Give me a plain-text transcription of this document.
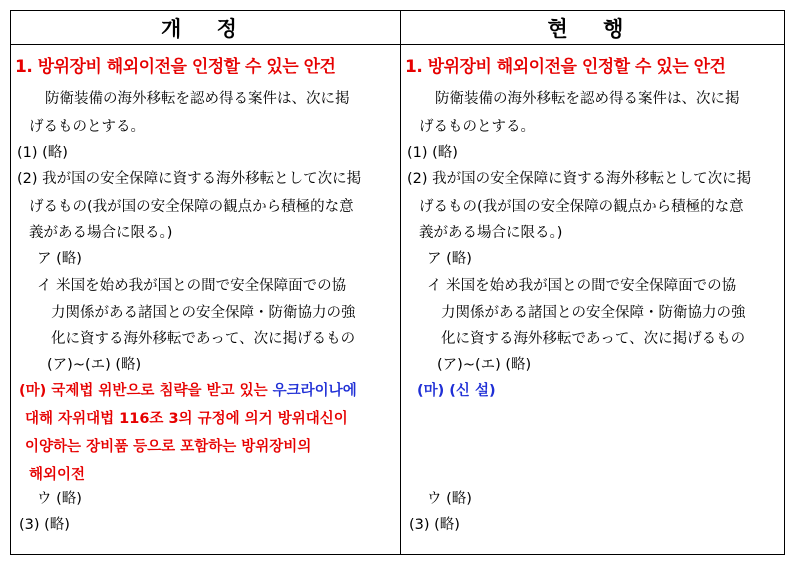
개 정	현 행
1. 방위장비 해외이전을 인정할 수 있는 안건
防衛装備の海外移転を認め得る案件は、次に掲
げるものとする。
(1) (略)
(2) 我が国の安全保障に資する海外移転として次に掲
げるもの(我が国の安全保障の観点から積極的な意
義がある場合に限る。)
ア (略)
イ 米国を始め我が国との間で安全保障面での協
力関係がある諸国との安全保障・防衛協力の強
化に資する海外移転であって、次に掲げるもの
(ア)~(エ) (略)
(마) 국제법 위반으로 침략을 받고 있는 우크라이나에
대해 자위대법 116조 3의 규정에 의거 방위대신이
이양하는 장비품 등으로 포함하는 방위장비의
해외이전
ウ (略)
(3) (略)
1. 방위장비 해외이전을 인정할 수 있는 안건
防衛装備の海外移転を認め得る案件は、次に掲
げるものとする。
(1) (略)
(2) 我が国の安全保障に資する海外移転として次に掲
げるもの(我が国の安全保障の観点から積極的な意
義がある場合に限る。)
ア (略)
イ 米国を始め我が国との間で安全保障面での協
力関係がある諸国との安全保障・防衛協力の強
化に資する海外移転であって、次に掲げるもの
(ア)~(エ) (略)
(마) (신 설)
ウ (略)
(3) (略)
